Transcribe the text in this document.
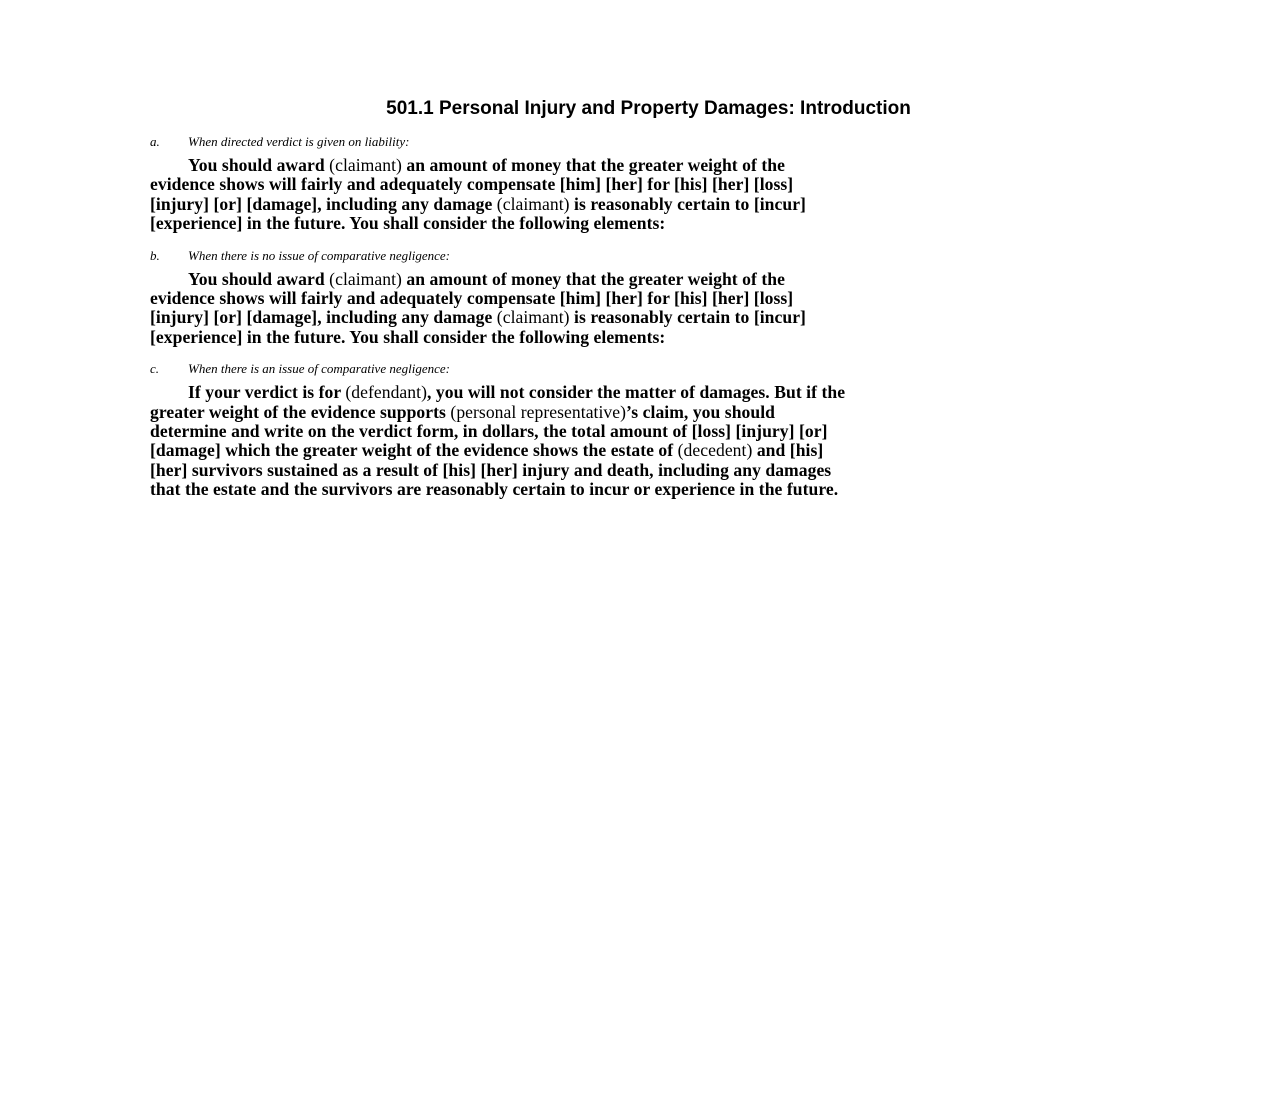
501.1 Personal Injury and Property Damages: Introduction
a.	When directed verdict is given on liability:
You should award (claimant) an amount of money that the greater weight of the
evidence shows will fairly and adequately compensate [him] [her] for [his] [her] [loss]
[injury] [or] [damage], including any damage (claimant) is reasonably certain to [incur]
[experience] in the future. You shall consider the following elements:
b.	When there is no issue of comparative negligence:
You should award (claimant) an amount of money that the greater weight of the
evidence shows will fairly and adequately compensate [him] [her] for [his] [her] [loss]
[injury] [or] [damage], including any damage (claimant) is reasonably certain to [incur]
[experience] in the future. You shall consider the following elements:
c.	When there is an issue of comparative negligence:
If your verdict is for (defendant), you will not consider the matter of damages. But if the
greater weight of the evidence supports (personal representative)’s claim, you should
determine and write on the verdict form, in dollars, the total amount of [loss] [injury] [or]
[damage] which the greater weight of the evidence shows the estate of (decedent) and [his]
[her] survivors sustained as a result of [his] [her] injury and death, including any damages
that the estate and the survivors are reasonably certain to incur or experience in the future.
